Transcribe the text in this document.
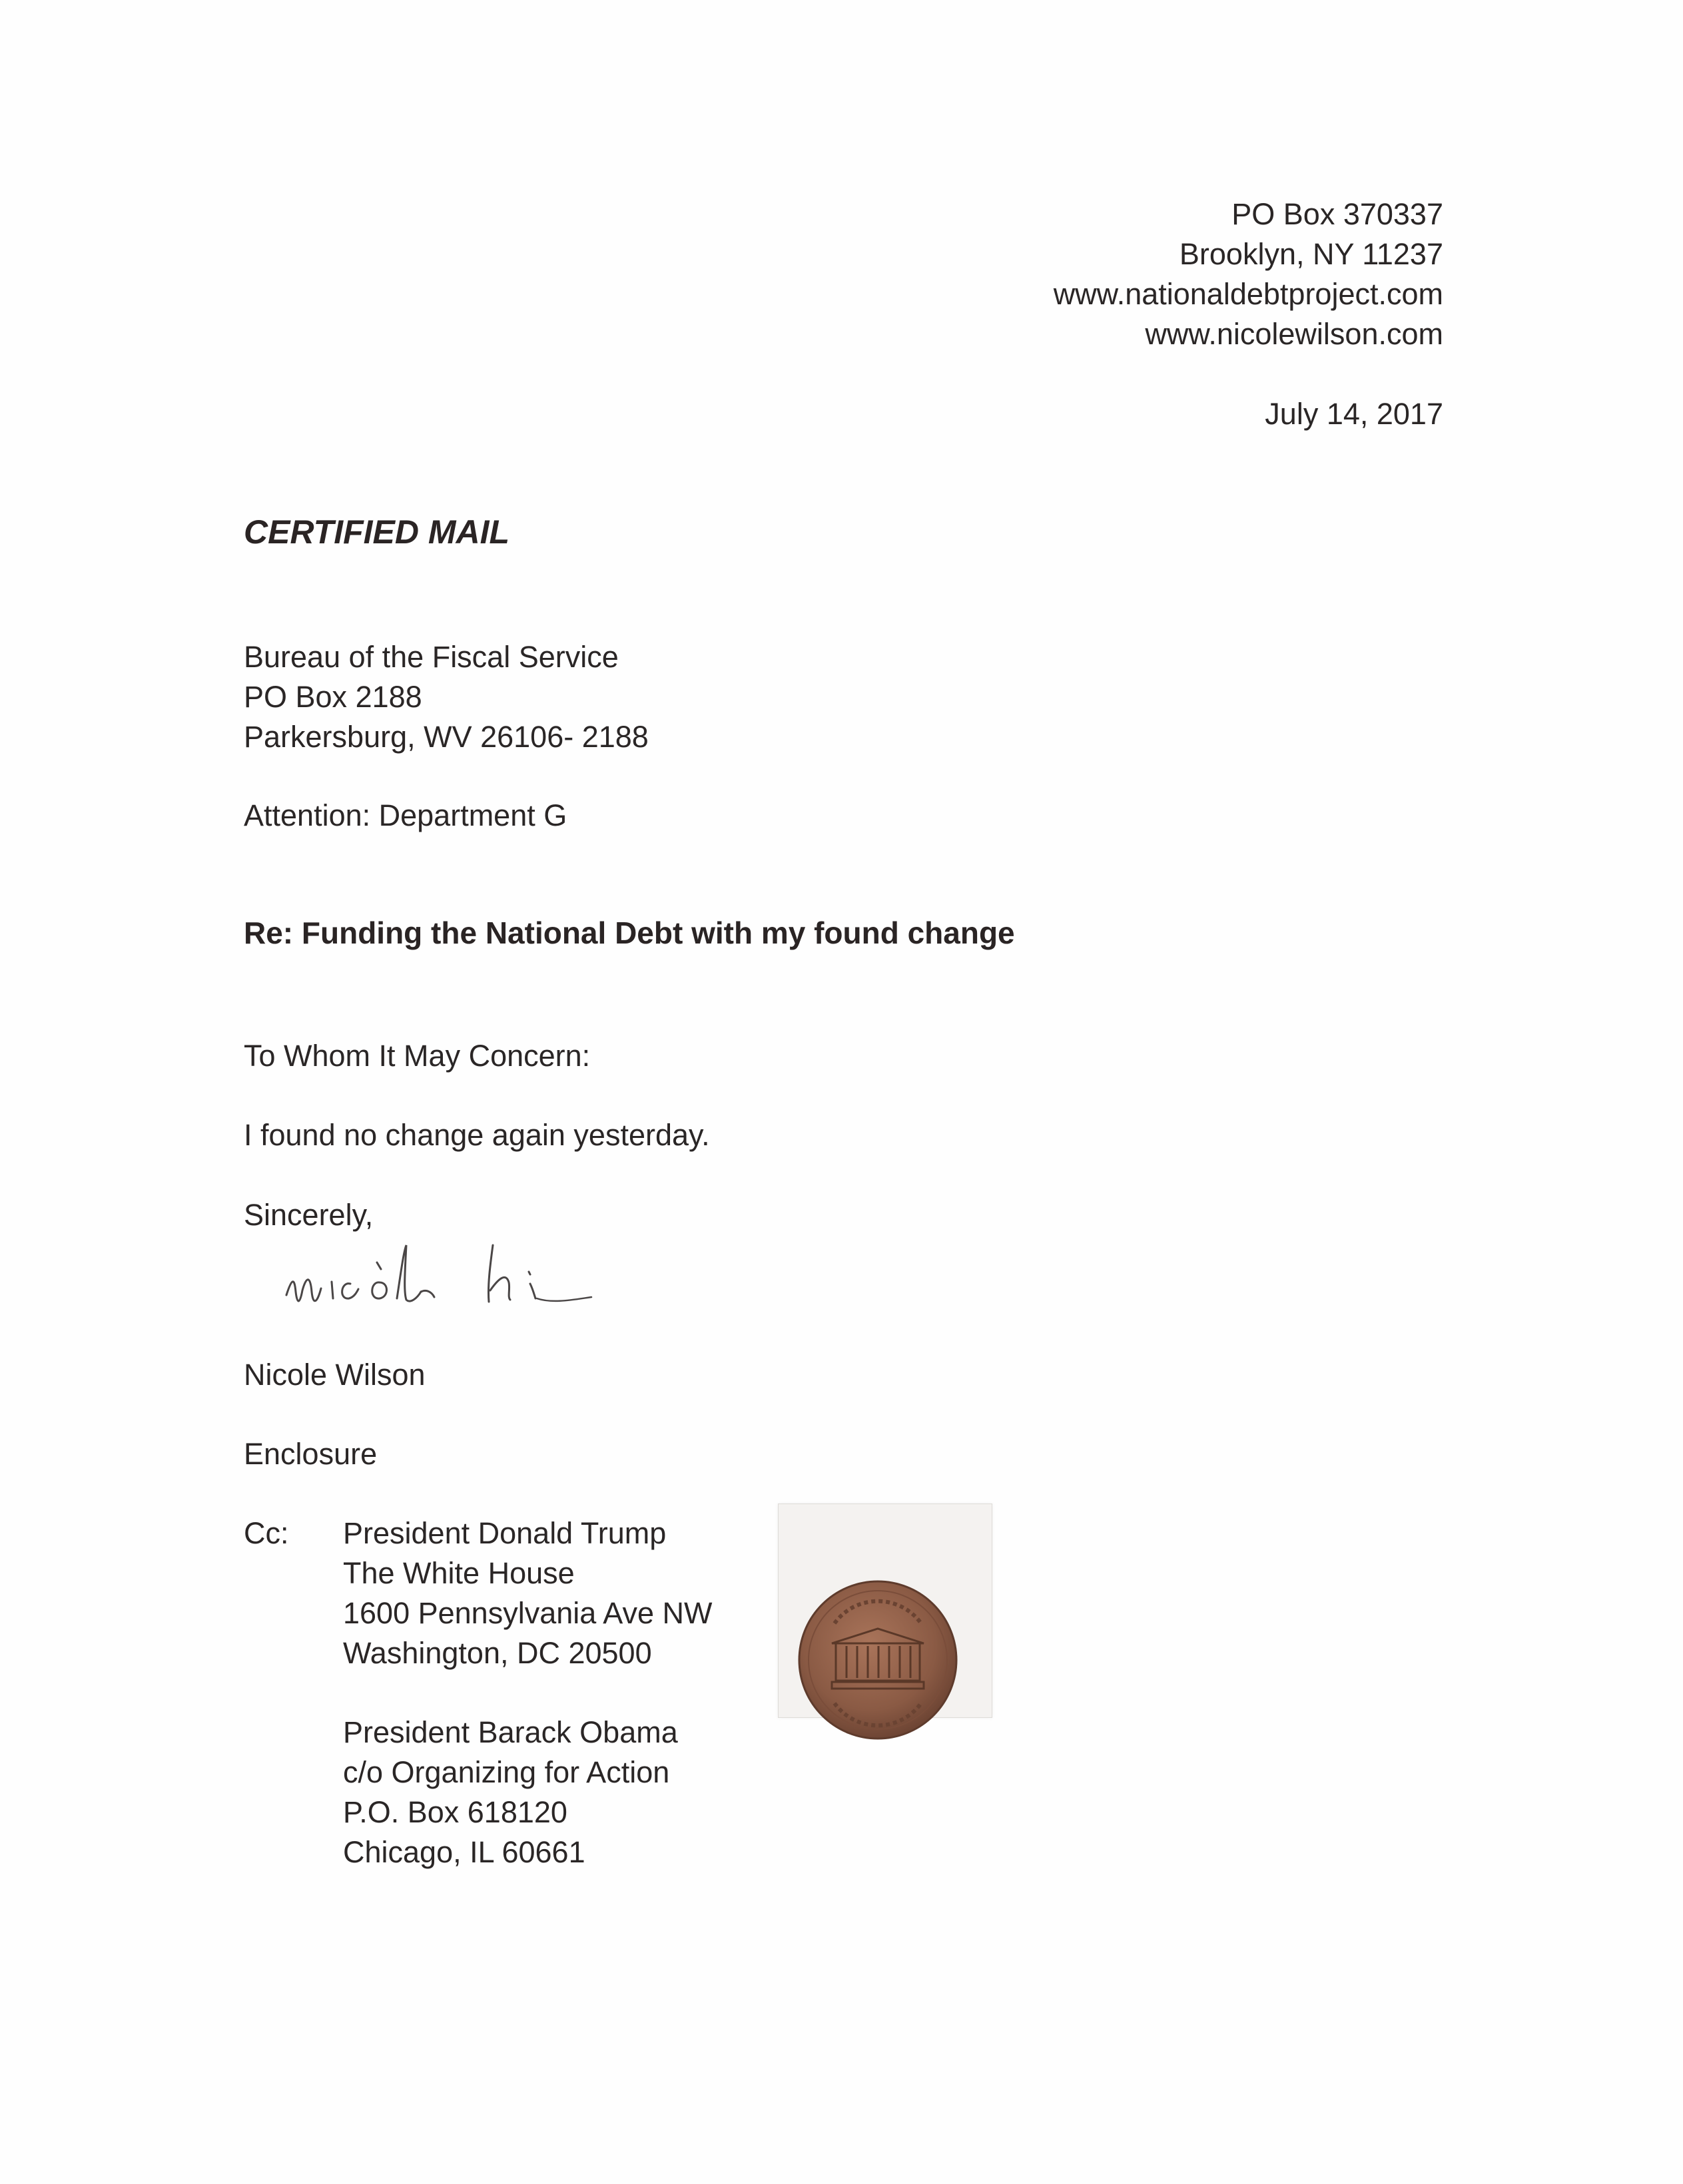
PO Box 370337
Brooklyn, NY 11237
www.nationaldebtproject.com
www.nicolewilson.com
July 14, 2017
CERTIFIED MAIL
Bureau of the Fiscal Service
PO Box 2188
Parkersburg, WV 26106- 2188
Attention: Department G
Re: Funding the National Debt with my found change
To Whom It May Concern:
I found no change again yesterday.
Sincerely,
Nicole Wilson
Enclosure
Cc: President Donald Trump
The White House
1600 Pennsylvania Ave NW
Washington, DC 20500
President Barack Obama
c/o Organizing for Action
P.O. Box 618120
Chicago, IL 60661
